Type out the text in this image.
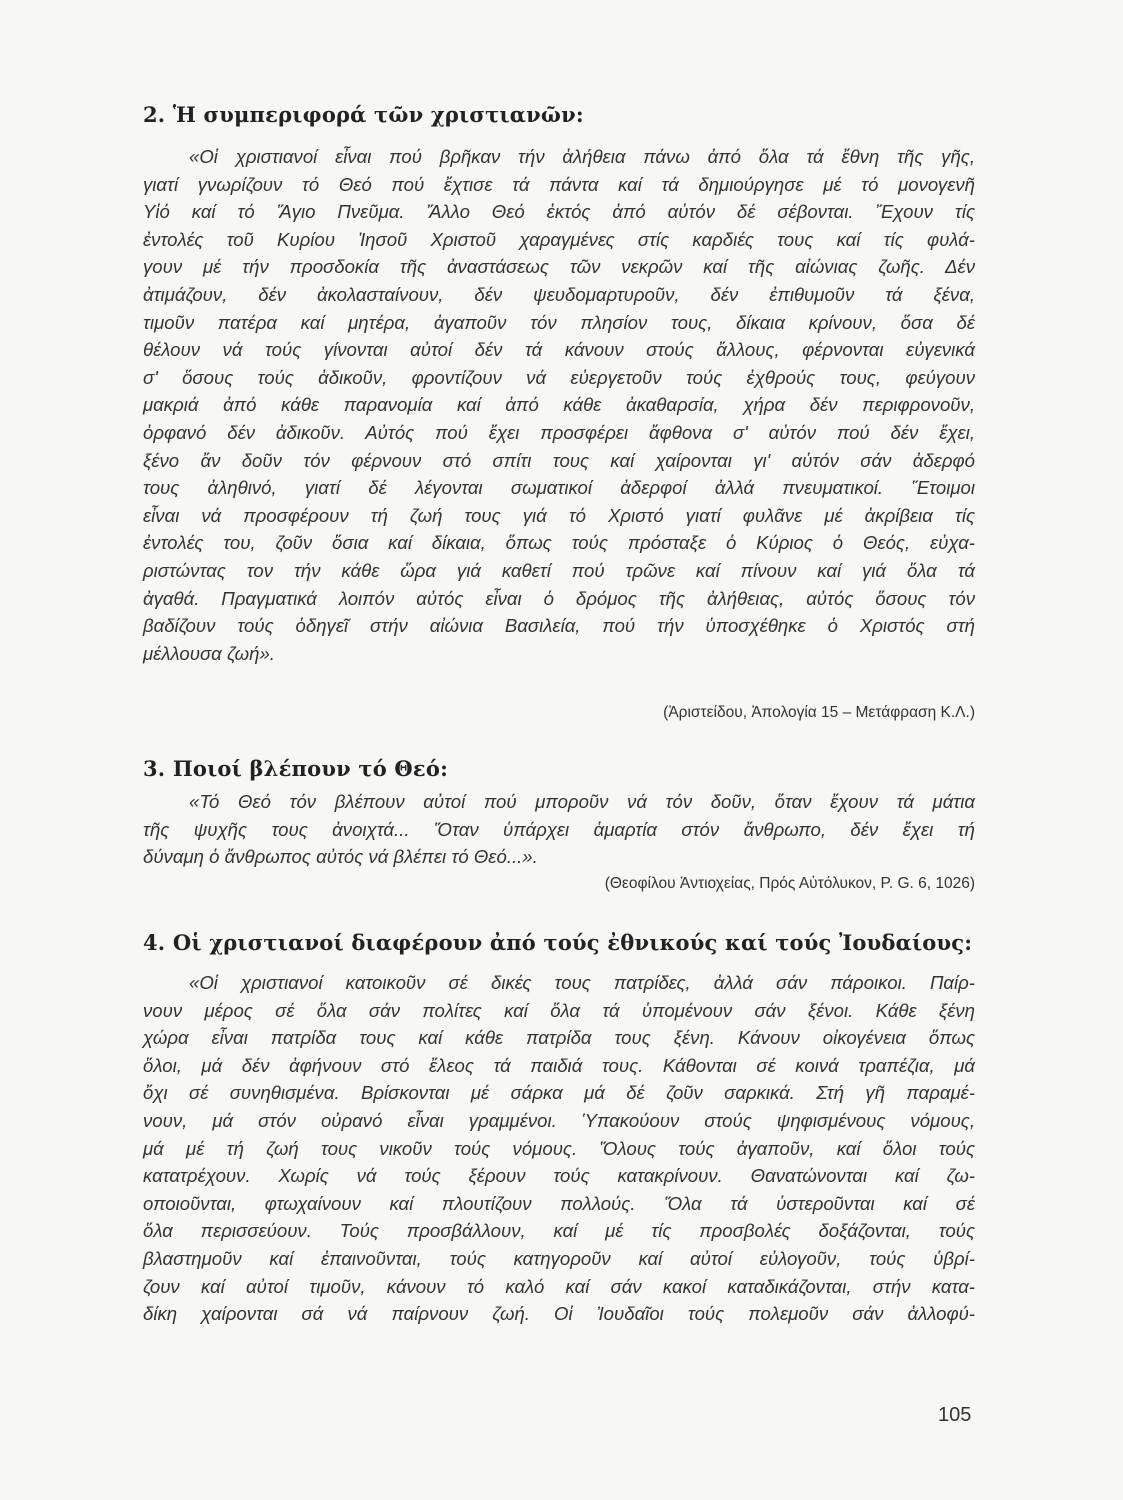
2. Ἡ συμπεριφορά τῶν χριστιανῶν:
«Οἱ χριστιανοί εἶναι πού βρῆκαν τήν ἀλήθεια πάνω ἀπό ὅλα τά ἔθνη τῆς γῆς,
γιατί γνωρίζουν τό Θεό πού ἔχτισε τά πάντα καί τά δημιούργησε μέ τό μονογενῆ
Υἱό καί τό Ἅγιο Πνεῦμα. Ἄλλο Θεό ἐκτός ἀπό αὐτόν δέ σέβονται. Ἔχουν τίς
ἐντολές τοῦ Κυρίου Ἰησοῦ Χριστοῦ χαραγμένες στίς καρδιές τους καί τίς φυλά-
γουν μέ τήν προσδοκία τῆς ἀναστάσεως τῶν νεκρῶν καί τῆς αἰώνιας ζωῆς. Δέν
ἀτιμάζουν, δέν ἀκολασταίνουν, δέν ψευδομαρτυροῦν, δέν ἐπιθυμοῦν τά ξένα,
τιμοῦν πατέρα καί μητέρα, ἀγαποῦν τόν πλησίον τους, δίκαια κρίνουν, ὅσα δέ
θέλουν νά τούς γίνονται αὐτοί δέν τά κάνουν στούς ἄλλους, φέρνονται εὐγενικά
σ' ὅσους τούς ἀδικοῦν, φροντίζουν νά εὐεργετοῦν τούς ἐχθρούς τους, φεύγουν
μακριά ἀπό κάθε παρανομία καί ἀπό κάθε ἀκαθαρσία, χήρα δέν περιφρονοῦν,
ὀρφανό δέν ἀδικοῦν. Αὐτός πού ἔχει προσφέρει ἄφθονα σ' αὐτόν πού δέν ἔχει,
ξένο ἄν δοῦν τόν φέρνουν στό σπίτι τους καί χαίρονται γι' αὐτόν σάν ἀδερφό
τους ἀληθινό, γιατί δέ λέγονται σωματικοί ἀδερφοί ἀλλά πνευματικοί. Ἕτοιμοι
εἶναι νά προσφέρουν τή ζωή τους γιά τό Χριστό γιατί φυλᾶνε μέ ἀκρίβεια τίς
ἐντολές του, ζοῦν ὅσια καί δίκαια, ὅπως τούς πρόσταξε ὁ Κύριος ὁ Θεός, εὐχα-
ριστώντας τον τήν κάθε ὥρα γιά καθετί πού τρῶνε καί πίνουν καί γιά ὅλα τά
ἀγαθά. Πραγματικά λοιπόν αὐτός εἶναι ὁ δρόμος τῆς ἀλήθειας, αὐτός ὅσους τόν
βαδίζουν τούς ὁδηγεῖ στήν αἰώνια Βασιλεία, πού τήν ὑποσχέθηκε ὁ Χριστός στή
μέλλουσα ζωή».

(Ἀριστείδου, Ἀπολογία 15 – Μετάφραση Κ.Λ.)

3. Ποιοί βλέπουν τό Θεό:
«Τό Θεό τόν βλέπουν αὐτοί πού μποροῦν νά τόν δοῦν, ὅταν ἔχουν τά μάτια
τῆς ψυχῆς τους ἀνοιχτά... Ὅταν ὑπάρχει ἁμαρτία στόν ἄνθρωπο, δέν ἔχει τή
δύναμη ὁ ἄνθρωπος αὐτός νά βλέπει τό Θεό...».

(Θεοφίλου Ἀντιοχείας, Πρός Αὐτόλυκον, P. G. 6, 1026)

4. Οἱ χριστιανοί διαφέρουν ἀπό τούς ἐθνικούς καί τούς Ἰουδαίους:
«Οἱ χριστιανοί κατοικοῦν σέ δικές τους πατρίδες, ἀλλά σάν πάροικοι. Παίρ-
νουν μέρος σέ ὅλα σάν πολίτες καί ὅλα τά ὑπομένουν σάν ξένοι. Κάθε ξένη
χώρα εἶναι πατρίδα τους καί κάθε πατρίδα τους ξένη. Κάνουν οἰκογένεια ὅπως
ὅλοι, μά δέν ἀφήνουν στό ἔλεος τά παιδιά τους. Κάθονται σέ κοινά τραπέζια, μά
ὄχι σέ συνηθισμένα. Βρίσκονται μέ σάρκα μά δέ ζοῦν σαρκικά. Στή γῆ παραμέ-
νουν, μά στόν οὐρανό εἶναι γραμμένοι. Ὑπακούουν στούς ψηφισμένους νόμους,
μά μέ τή ζωή τους νικοῦν τούς νόμους. Ὅλους τούς ἀγαποῦν, καί ὅλοι τούς
κατατρέχουν. Χωρίς νά τούς ξέρουν τούς κατακρίνουν. Θανατώνονται καί ζω-
οποιοῦνται, φτωχαίνουν καί πλουτίζουν πολλούς. Ὅλα τά ὑστεροῦνται καί σέ
ὅλα περισσεύουν. Τούς προσβάλλουν, καί μέ τίς προσβολές δοξάζονται, τούς
βλαστημοῦν καί ἐπαινοῦνται, τούς κατηγοροῦν καί αὐτοί εὐλογοῦν, τούς ὑβρί-
ζουν καί αὐτοί τιμοῦν, κάνουν τό καλό καί σάν κακοί καταδικάζονται, στήν κατα-
δίκη χαίρονται σά νά παίρνουν ζωή. Οἱ Ἰουδαῖοι τούς πολεμοῦν σάν ἀλλοφύ-
105
